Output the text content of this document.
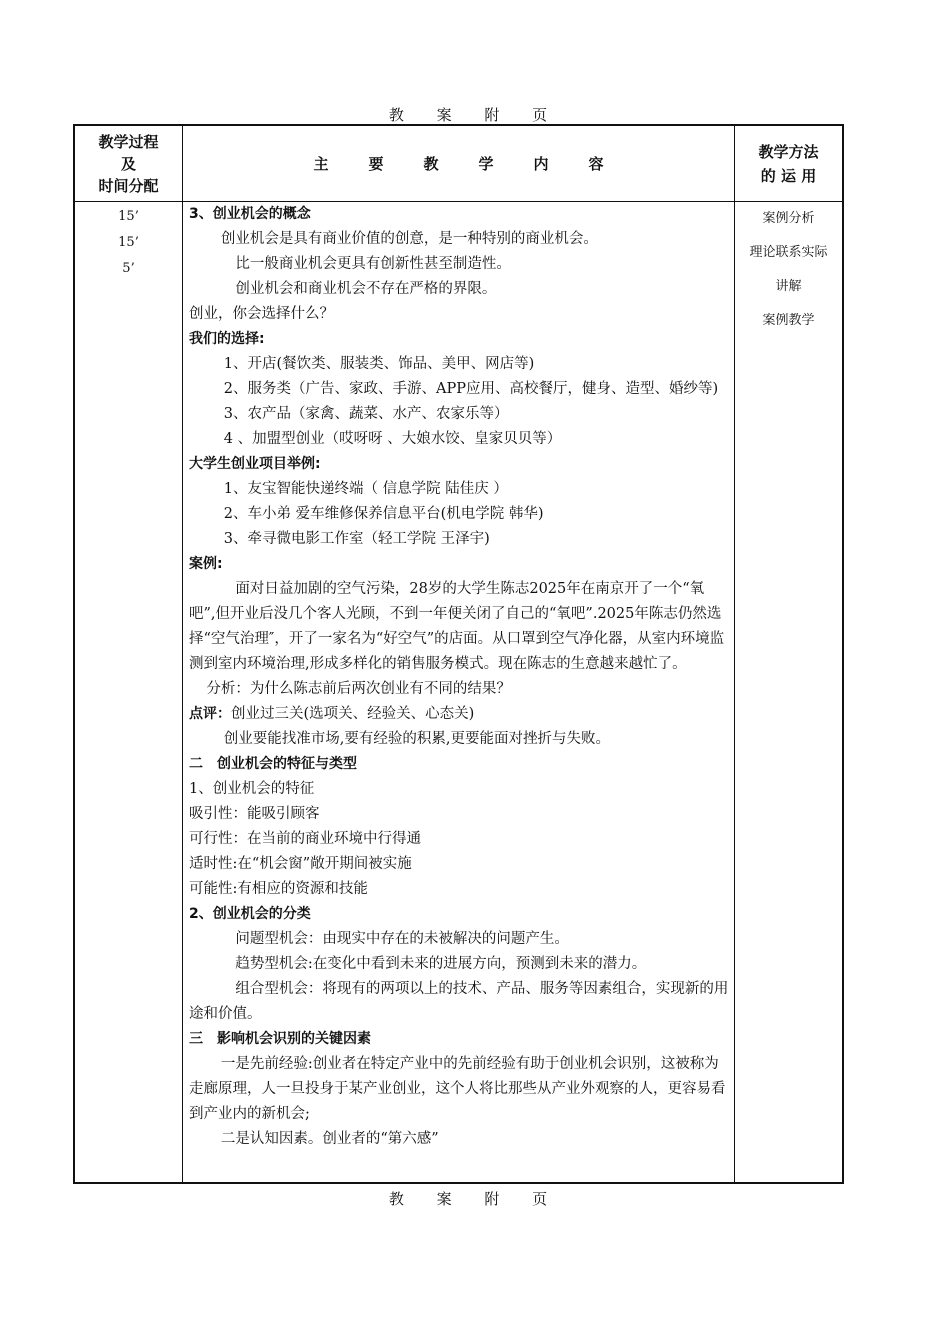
教 案 附 页
教学过程
及
时间分配
主要教学内容
教学方法
的 运 用
15’
15’
5’

3、创业机会的概念

创业机会是具有商业价值的创意，是一种特别的商业机会。

比一般商业机会更具有创新性甚至制造性。

创业机会和商业机会不存在严格的界限。

创业，你会选择什么？

我们的选择:

1、开店(餐饮类、服装类、饰品、美甲、网店等)

2、服务类（广告、家政、手游、APP应用、高校餐厅，健身、造型、婚纱等)

3、农产品（家禽、蔬菜、水产、农家乐等）

4 、加盟型创业（哎呀呀 、大娘水饺、皇家贝贝等）

大学生创业项目举例:

1、友宝智能快递终端（ 信息学院 陆佳庆 ）

2、车小弟 爱车维修保养信息平台(机电学院 韩华)

3、牵寻微电影工作室（轻工学院 王泽宇)

案例:

面对日益加剧的空气污染，28岁的大学生陈志2025年在南京开了一个“氧吧”,但开业后没几个客人光顾，不到一年便关闭了自己的“氧吧”.2025年陈志仍然选择“空气治理″，开了一家名为“好空气”的店面。从口罩到空气净化器，从室内环境监测到室内环境治理,形成多样化的销售服务模式。现在陈志的生意越来越忙了。

分析：为什么陈志前后两次创业有不同的结果？

点评：创业过三关(选项关、经验关、心态关)

创业要能找准市场,要有经验的积累,更要能面对挫折与失败。

二　创业机会的特征与类型

1、创业机会的特征

吸引性：能吸引顾客

可行性：在当前的商业环境中行得通

适时性:在“机会窗”敞开期间被实施

可能性:有相应的资源和技能

2、创业机会的分类

问题型机会：由现实中存在的未被解决的问题产生。

趋势型机会:在变化中看到未来的进展方向，预测到未来的潜力。

组合型机会：将现有的两项以上的技术、产品、服务等因素组合，实现新的用途和价值。

三　影响机会识别的关键因素

一是先前经验:创业者在特定产业中的先前经验有助于创业机会识别，这被称为走廊原理，人一旦投身于某产业创业，这个人将比那些从产业外观察的人，更容易看到产业内的新机会;

二是认知因素。创业者的“第六感”

案例分析
理论联系实际
讲解
案例教学
教 案 附 页
